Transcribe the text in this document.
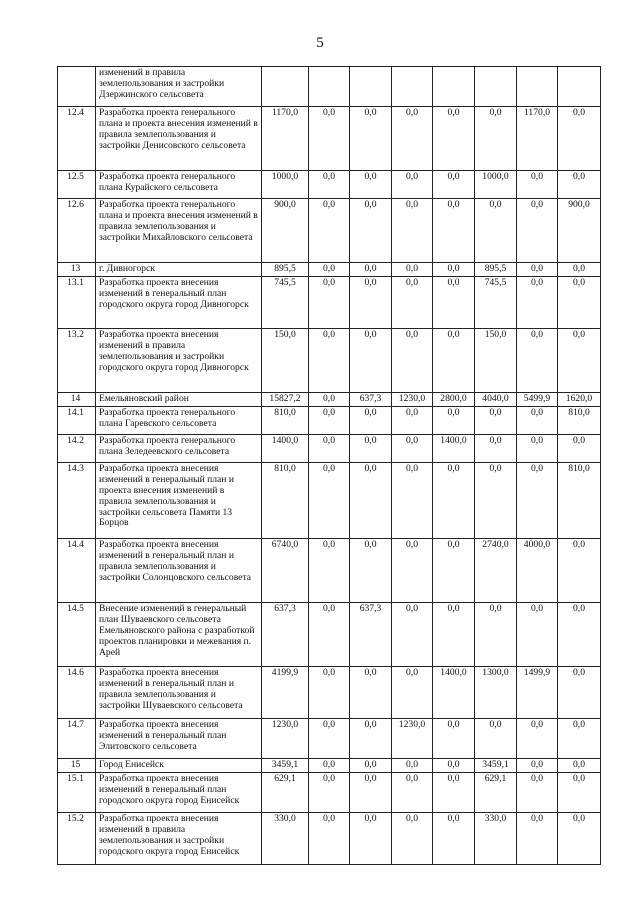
5
	изменений в правила землепользования и застройки Дзержинского сельсовета								
12.4	Разработка проекта генерального плана и проекта внесения изменений в правила землепользования и застройки Денисовского сельсовета	1170,0	0,0	0,0	0,0	0,0	0,0	1170,0	0,0
12.5	Разработка проекта генерального плана Курайского сельсовета	1000,0	0,0	0,0	0,0	0,0	1000,0	0,0	0,0
12.6	Разработка проекта генерального плана и проекта внесения изменений в правила землепользования и застройки Михайловского сельсовета	900,0	0,0	0,0	0,0	0,0	0,0	0,0	900,0
13	г. Дивногорск	895,5	0,0	0,0	0,0	0,0	895,5	0,0	0,0
13.1	Разработка проекта внесения изменений в генеральный план городского округа город Дивногорск	745,5	0,0	0,0	0,0	0,0	745,5	0,0	0,0
13.2	Разработка проекта внесения изменений в правила землепользования и застройки городского округа город Дивногорск	150,0	0,0	0,0	0,0	0,0	150,0	0,0	0,0
14	Емельяновский район	15827,2	0,0	637,3	1230,0	2800,0	4040,0	5499,9	1620,0
14.1	Разработка проекта генерального плана Гаревского сельсовета	810,0	0,0	0,0	0,0	0,0	0,0	0,0	810,0
14.2	Разработка проекта генерального плана Зеледеевского сельсовета	1400,0	0,0	0,0	0,0	1400,0	0,0	0,0	0,0
14.3	Разработка проекта внесения изменений в генеральный план и проекта внесения изменений в правила землепользования и застройки сельсовета Памяти 13 Борцов	810,0	0,0	0,0	0,0	0,0	0,0	0,0	810,0
14.4	Разработка проекта внесения изменений в генеральный план и правила землепользования и застройки Солонцовского сельсовета	6740,0	0,0	0,0	0,0	0,0	2740,0	4000,0	0,0
14.5	Внесение изменений в генеральный план Шуваевского сельсовета Емельяновского района с разработкой проектов планировки и межевания п. Арей	637,3	0,0	637,3	0,0	0,0	0,0	0,0	0,0
14.6	Разработка проекта внесения изменений в генеральный план и правила землепользования и застройки Шуваевского сельсовета	4199,9	0,0	0,0	0,0	1400,0	1300,0	1499,9	0,0
14.7	Разработка проекта внесения изменений в генеральный план Элитовского сельсовета	1230,0	0,0	0,0	1230,0	0,0	0,0	0,0	0,0
15	Город Енисейск	3459,1	0,0	0,0	0,0	0,0	3459,1	0,0	0,0
15.1	Разработка проекта внесения изменений в генеральный план городского округа город Енисейск	629,1	0,0	0,0	0,0	0,0	629,1	0,0	0,0
15.2	Разработка проекта внесения изменений в правила землепользования и застройки городского округа город Енисейск	330,0	0,0	0,0	0,0	0,0	330,0	0,0	0,0
